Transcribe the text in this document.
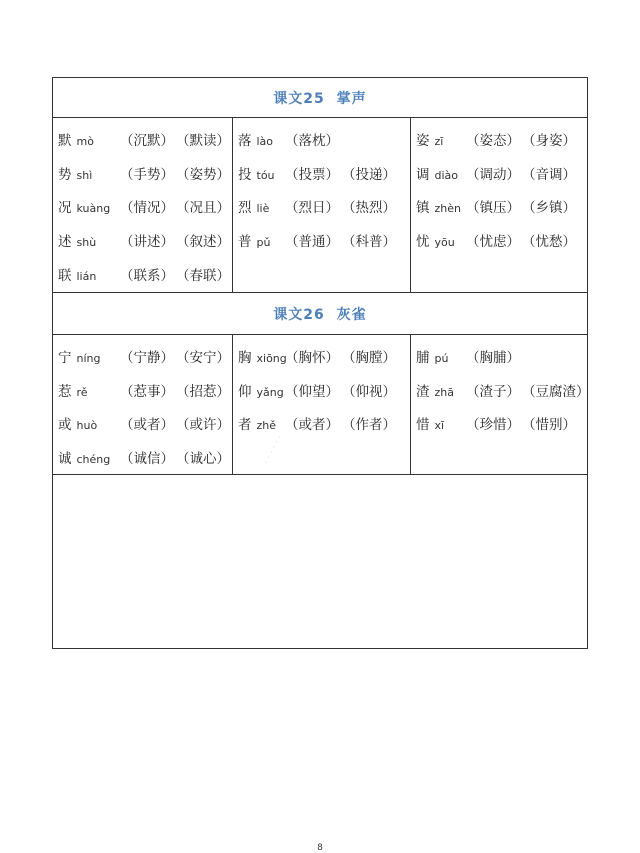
课文25 掌声
课文26 灰雀
默 mò （沉默） （默读）
势 shì （手势） （姿势）
况 kuàng （情况） （况且）
述 shù （讲述） （叙述）
联 lián （联系） （春联）
落 lào （落枕）
投 tóu （投票） （投递）
烈 liè （烈日） （热烈）
普 pǔ （普通） （科普）
姿 zī （姿态） （身姿）
调 diào （调动） （音调）
镇 zhèn （镇压） （乡镇）
忧 yōu （忧虑） （忧愁）
宁 níng （宁静） （安宁）
惹 rě （惹事） （招惹）
或 huò （或者） （或许）
诚 chéng （诚信） （诚心）
胸 xiōng
（胸怀） （胸膛）
仰 yǎng （仰望） （仰视）
者 zhě （或者） （作者）
脯 pú （胸脯）
渣 zhā （渣子） （豆腐渣）
惜 xī （珍惜） （惜别）
· · · · · ·
8
